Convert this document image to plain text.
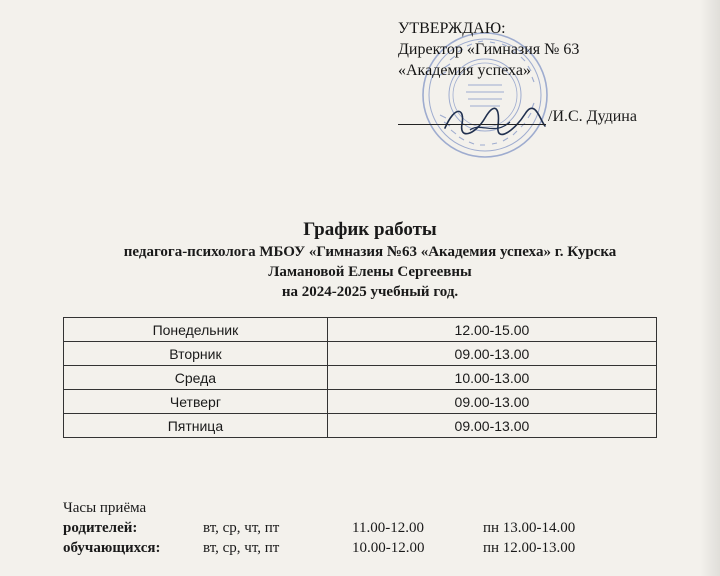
УТВЕРЖДАЮ:
Директор «Гимназия № 63
«Академия успеха»
/И.С. Дудина
График работы
педагога-психолога МБОУ «Гимназия №63 «Академия успеха» г. Курска
Ламановой Елены Сергеевны
на 2024-2025 учебный год.
Понедельник	12.00-15.00
Вторник	09.00-13.00
Среда	10.00-13.00
Четверг	09.00-13.00
Пятница	09.00-13.00
Часы приёма
родителей:	вт, ср, чт, пт	11.00-12.00	пн 13.00-14.00
обучающихся:	вт, ср, чт, пт	10.00-12.00	пн 12.00-13.00
